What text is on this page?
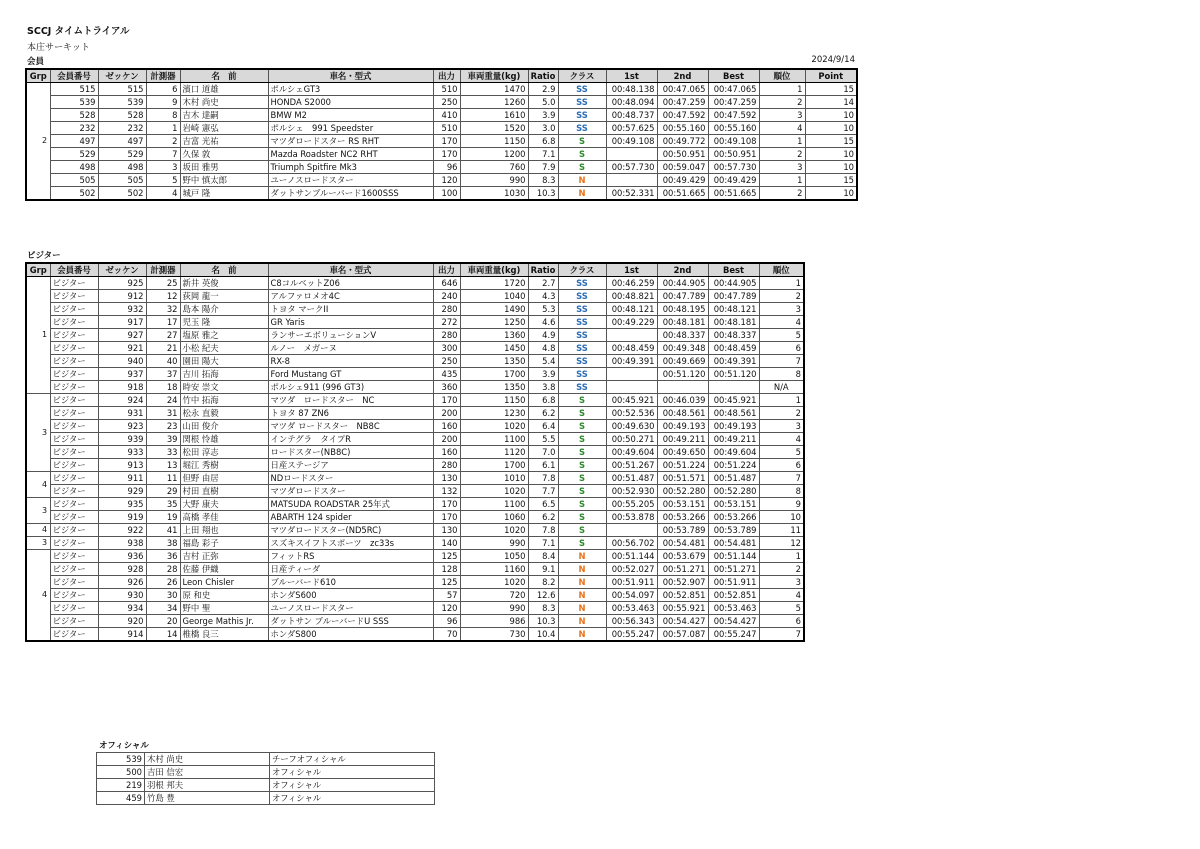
SCCJ タイムトライアル
本庄サーキット
会員	2024/9/14
Grp	会員番号	ゼッケン	計測器	名　前	車名・型式	出力	車両重量(kg)	Ratio	クラス	1st	2nd	Best	順位	Point
2	515	515	6	濱口 道雄	ポルシェGT3	510	1470	2.9	SS	00:48.138	00:47.065	00:47.065	1	15
	539	539	9	木村 尚史	HONDA S2000	250	1260	5.0	SS	00:48.094	00:47.259	00:47.259	2	14
	528	528	8	吉木 達嗣	BMW M2	410	1610	3.9	SS	00:48.737	00:47.592	00:47.592	3	10
	232	232	1	岩崎 憲弘	ポルシェ　991 Speedster	510	1520	3.0	SS	00:57.625	00:55.160	00:55.160	4	10
	497	497	2	吉富 光祐	マツダロードスター RS RHT	170	1150	6.8	S	00:49.108	00:49.772	00:49.108	1	15
	529	529	7	久保 敦	Mazda Roadster NC2 RHT	170	1200	7.1	S		00:50.951	00:50.951	2	10
	498	498	3	坂田 雅男	Triumph Spitfire Mk3	96	760	7.9	S	00:57.730	00:59.047	00:57.730	3	10
	505	505	5	野中 慎太郎	ユーノスロードスター	120	990	8.3	N		00:49.429	00:49.429	1	15
	502	502	4	城戸 隆	ダットサンブルーバード1600SSS	100	1030	10.3	N	00:52.331	00:51.665	00:51.665	2	10
ビジター
Grp	会員番号	ゼッケン	計測器	名　前	車名・型式	出力	車両重量(kg)	Ratio	クラス	1st	2nd	Best	順位
1	ビジター	925	25	新井 英俊	C8コルベットZ06	646	1720	2.7	SS	00:46.259	00:44.905	00:44.905	1
	ビジター	912	12	荻岡 龍一	アルファロメオ4C	240	1040	4.3	SS	00:48.821	00:47.789	00:47.789	2
	ビジター	932	32	島本 陽介	トヨタ マークII	280	1490	5.3	SS	00:48.121	00:48.195	00:48.121	3
	ビジター	917	17	児玉 隆	GR Yaris	272	1250	4.6	SS	00:49.229	00:48.181	00:48.181	4
	ビジター	927	27	塩原 雅之	ランサーエボリューションV	280	1360	4.9	SS		00:48.337	00:48.337	5
	ビジター	921	21	小松 紀夫	ルノー　メガーヌ	300	1450	4.8	SS	00:48.459	00:49.348	00:48.459	6
	ビジター	940	40	園田 陽大	RX-8	250	1350	5.4	SS	00:49.391	00:49.669	00:49.391	7
	ビジター	937	37	吉川 拓海	Ford Mustang GT	435	1700	3.9	SS		00:51.120	00:51.120	8
	ビジター	918	18	時安 崇文	ポルシェ911 (996 GT3)	360	1350	3.8	SS				N/A
3	ビジター	924	24	竹中 拓海	マツダ　ロードスター　NC	170	1150	6.8	S	00:45.921	00:46.039	00:45.921	1
	ビジター	931	31	松永 直毅	トヨタ 87 ZN6	200	1230	6.2	S	00:52.536	00:48.561	00:48.561	2
	ビジター	923	23	山田 俊介	マツダ ロードスター　NB8C	160	1020	6.4	S	00:49.630	00:49.193	00:49.193	3
	ビジター	939	39	関根 怜雄	インテグラ　タイプR	200	1100	5.5	S	00:50.271	00:49.211	00:49.211	4
	ビジター	933	33	松田 淳志	ロードスター(NB8C)	160	1120	7.0	S	00:49.604	00:49.650	00:49.604	5
	ビジター	913	13	堀江 秀樹	日産ステージア	280	1700	6.1	S	00:51.267	00:51.224	00:51.224	6
4	ビジター	911	11	但野 由居	NDロードスター	130	1010	7.8	S	00:51.487	00:51.571	00:51.487	7
	ビジター	929	29	村田 直樹	マツダロードスター	132	1020	7.7	S	00:52.930	00:52.280	00:52.280	8
3	ビジター	935	35	大野 康夫	MATSUDA ROADSTAR 25年式	170	1100	6.5	S	00:55.205	00:53.151	00:53.151	9
	ビジター	919	19	高橋 孝佳	ABARTH 124 spider	170	1060	6.2	S	00:53.878	00:53.266	00:53.266	10
4	ビジター	922	41	上田 翔也	マツダロードスター(ND5RC)	130	1020	7.8	S		00:53.789	00:53.789	11
3	ビジター	938	38	福島 彩子	スズキスイフトスポーツ　zc33s	140	990	7.1	S	00:56.702	00:54.481	00:54.481	12
4	ビジター	936	36	吉村 正弥	フィットRS	125	1050	8.4	N	00:51.144	00:53.679	00:51.144	1
	ビジター	928	28	佐藤 伊織	日産ティーダ	128	1160	9.1	N	00:52.027	00:51.271	00:51.271	2
	ビジター	926	26	Leon Chisler	ブルーバード610	125	1020	8.2	N	00:51.911	00:52.907	00:51.911	3
	ビジター	930	30	原 和史	ホンダS600	57	720	12.6	N	00:54.097	00:52.851	00:52.851	4
	ビジター	934	34	野中 聖	ユーノスロードスター	120	990	8.3	N	00:53.463	00:55.921	00:53.463	5
	ビジター	920	20	George Mathis Jr.	ダットサン ブルーバードU SSS	96	986	10.3	N	00:56.343	00:54.427	00:54.427	6
	ビジター	914	14	椎橋 良三	ホンダS800	70	730	10.4	N	00:55.247	00:57.087	00:55.247	7
オフィシャル
539	木村 尚史	チーフオフィシャル
500	吉田 信宏	オフィシャル
219	羽根 邦夫	オフィシャル
459	竹島 豊	オフィシャル
